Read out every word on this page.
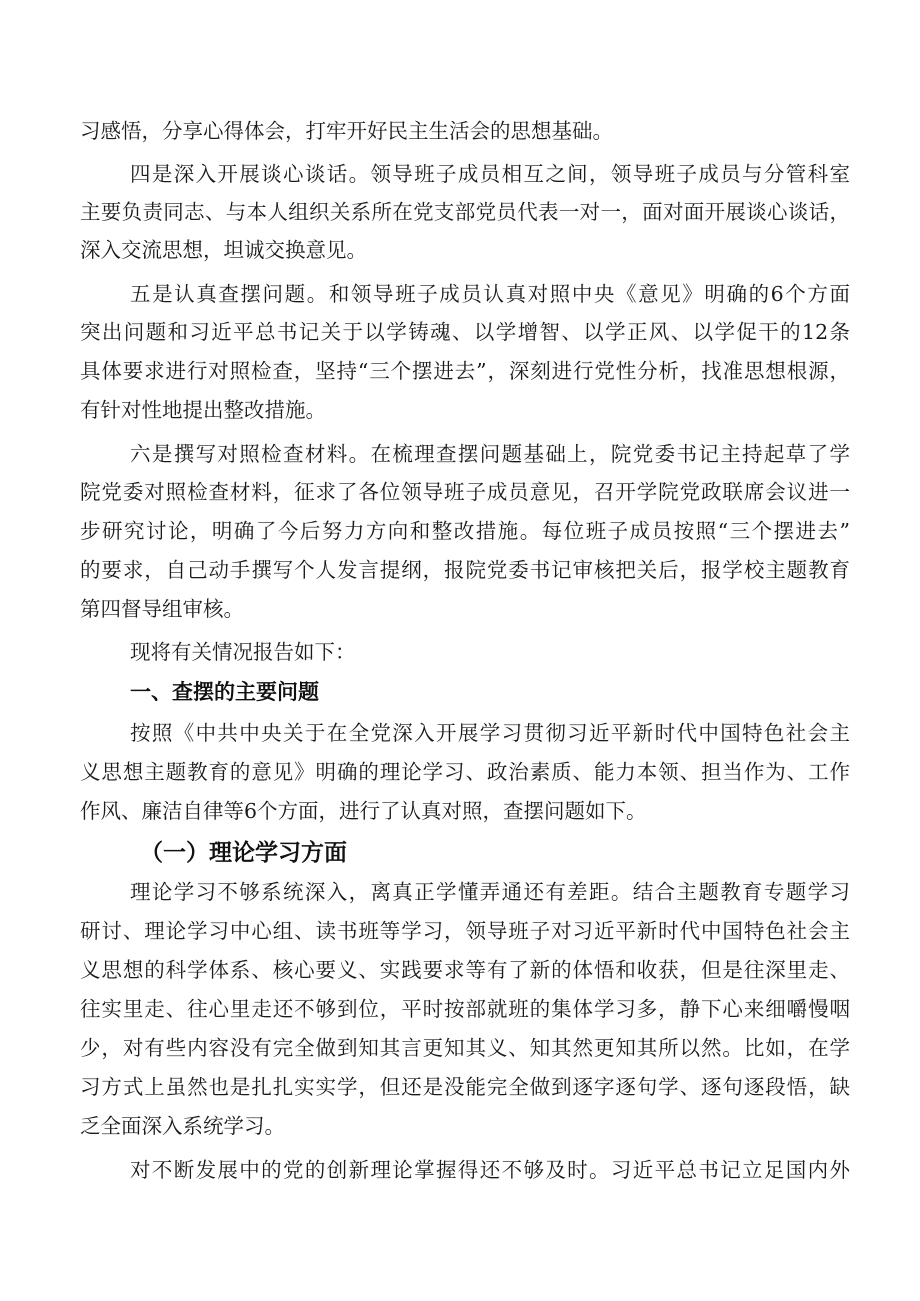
习感悟，分享心得体会，打牢开好民主生活会的思想基础。
四是深入开展谈心谈话。领导班子成员相互之间，领导班子成员与分管科室
主要负责同志、与本人组织关系所在党支部党员代表一对一，面对面开展谈心谈话，
深入交流思想，坦诚交换意见。
五是认真查摆问题。和领导班子成员认真对照中央《意见》明确的6个方面
突出问题和习近平总书记关于以学铸魂、以学增智、以学正风、以学促干的12条
具体要求进行对照检查，坚持“三个摆进去”，深刻进行党性分析，找准思想根源，
有针对性地提出整改措施。
六是撰写对照检查材料。在梳理查摆问题基础上，院党委书记主持起草了学
院党委对照检查材料，征求了各位领导班子成员意见，召开学院党政联席会议进一
步研究讨论，明确了今后努力方向和整改措施。每位班子成员按照“三个摆进去”
的要求，自己动手撰写个人发言提纲，报院党委书记审核把关后，报学校主题教育
第四督导组审核。
现将有关情况报告如下：
一、查摆的主要问题
按照《中共中央关于在全党深入开展学习贯彻习近平新时代中国特色社会主
义思想主题教育的意见》明确的理论学习、政治素质、能力本领、担当作为、工作
作风、廉洁自律等6个方面，进行了认真对照，查摆问题如下。
（一）理论学习方面
理论学习不够系统深入，离真正学懂弄通还有差距。结合主题教育专题学习
研讨、理论学习中心组、读书班等学习，领导班子对习近平新时代中国特色社会主
义思想的科学体系、核心要义、实践要求等有了新的体悟和收获，但是往深里走、
往实里走、往心里走还不够到位，平时按部就班的集体学习多，静下心来细嚼慢咽
少，对有些内容没有完全做到知其言更知其义、知其然更知其所以然。比如，在学
习方式上虽然也是扎扎实实学，但还是没能完全做到逐字逐句学、逐句逐段悟，缺
乏全面深入系统学习。
对不断发展中的党的创新理论掌握得还不够及时。习近平总书记立足国内外
